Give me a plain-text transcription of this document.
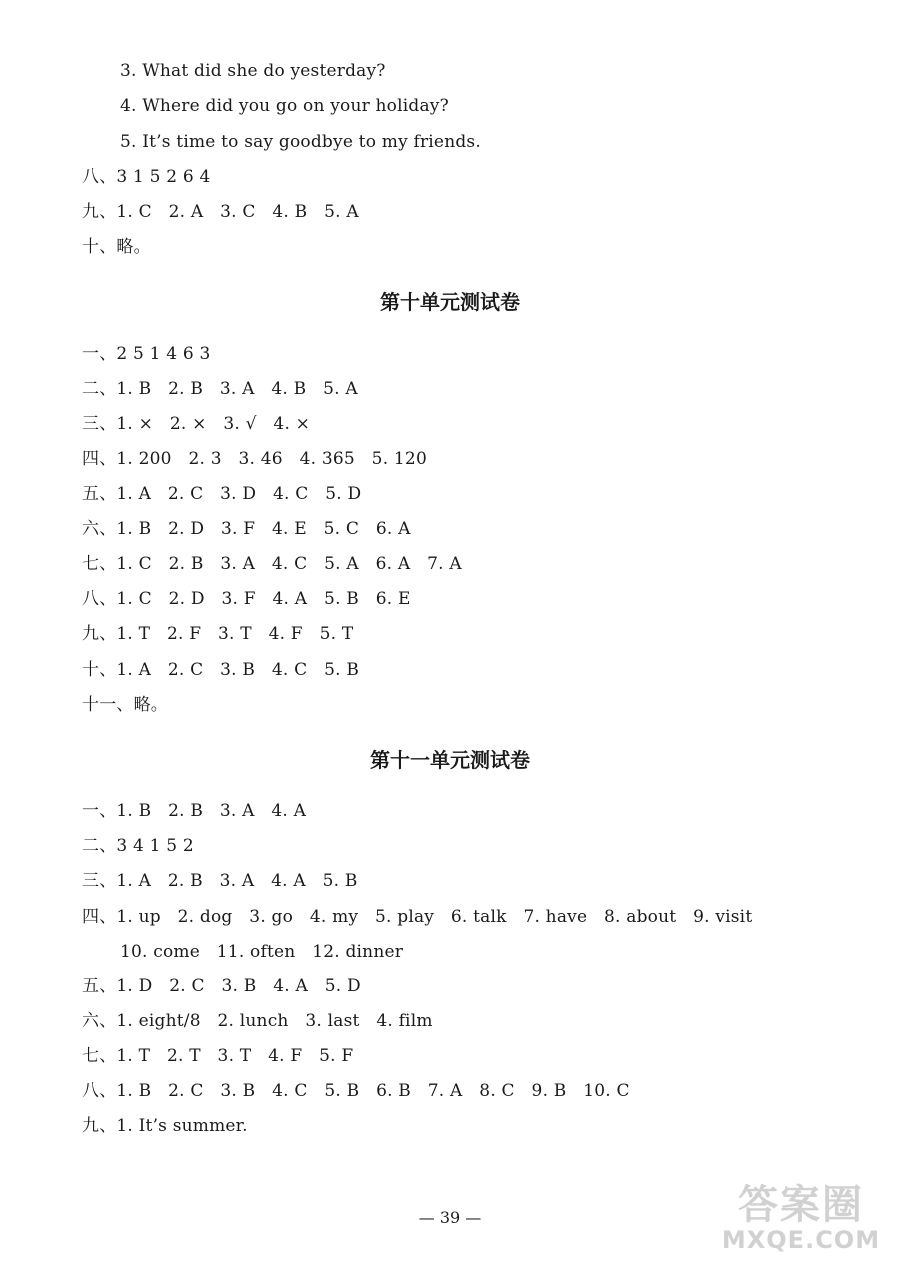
3. What did she do yesterday?
4. Where did you go on your holiday?
5. It’s time to say goodbye to my friends.
八、3 1 5 2 6 4
九、1. C   2. A   3. C   4. B   5. A
十、略。
第十单元测试卷
一、2 5 1 4 6 3
二、1. B   2. B   3. A   4. B   5. A
三、1. ×   2. ×   3. √   4. ×
四、1. 200   2. 3   3. 46   4. 365   5. 120
五、1. A   2. C   3. D   4. C   5. D
六、1. B   2. D   3. F   4. E   5. C   6. A
七、1. C   2. B   3. A   4. C   5. A   6. A   7. A
八、1. C   2. D   3. F   4. A   5. B   6. E
九、1. T   2. F   3. T   4. F   5. T
十、1. A   2. C   3. B   4. C   5. B
十一、略。
第十一单元测试卷
一、1. B   2. B   3. A   4. A
二、3 4 1 5 2
三、1. A   2. B   3. A   4. A   5. B
四、1. up   2. dog   3. go   4. my   5. play   6. talk   7. have   8. about   9. visit
10. come   11. often   12. dinner
五、1. D   2. C   3. B   4. A   5. D
六、1. eight/8   2. lunch   3. last   4. film
七、1. T   2. T   3. T   4. F   5. F
八、1. B   2. C   3. B   4. C   5. B   6. B   7. A   8. C   9. B   10. C
九、1. It’s summer.
— 39 —	答案圈
MXQE.COM
